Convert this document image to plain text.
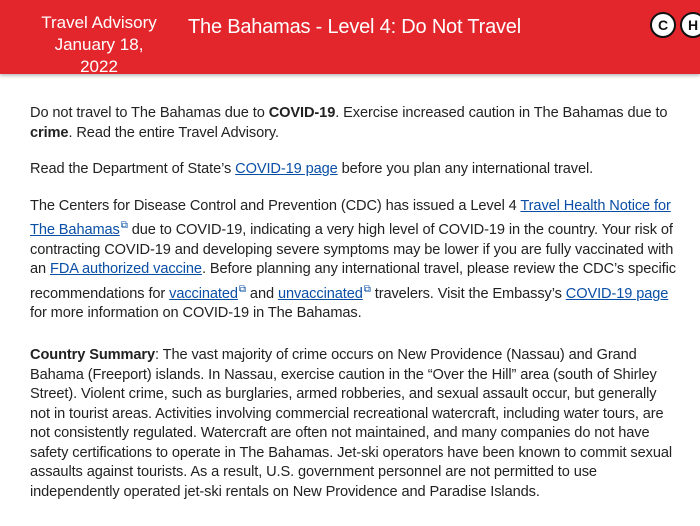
Travel Advisory
January 18, 2022
The Bahamas - Level 4: Do Not Travel	C	H

Do not travel to The Bahamas due to COVID-19. Exercise increased caution in The Bahamas due to crime. Read the entire Travel Advisory.

Read the Department of State’s COVID-19 page before you plan any international travel.

The Centers for Disease Control and Prevention (CDC) has issued a Level 4 Travel Health Notice for The Bahamas⧉ due to COVID-19, indicating a very high level of COVID-19 in the country. Your risk of contracting COVID-19 and developing severe symptoms may be lower if you are fully vaccinated with an FDA authorized vaccine. Before planning any international travel, please review the CDC’s specific recommendations for vaccinated⧉ and unvaccinated⧉ travelers. Visit the Embassy’s COVID-19 page for more information on COVID-19 in The Bahamas.

Country Summary: The vast majority of crime occurs on New Providence (Nassau) and Grand Bahama (Freeport) islands. In Nassau, exercise caution in the “Over the Hill” area (south of Shirley Street). Violent crime, such as burglaries, armed robberies, and sexual assault occur, but generally not in tourist areas. Activities involving commercial recreational watercraft, including water tours, are not consistently regulated. Watercraft are often not maintained, and many companies do not have safety certifications to operate in The Bahamas. Jet-ski operators have been known to commit sexual assaults against tourists. As a result, U.S. government personnel are not permitted to use independently operated jet-ski rentals on New Providence and Paradise Islands.
